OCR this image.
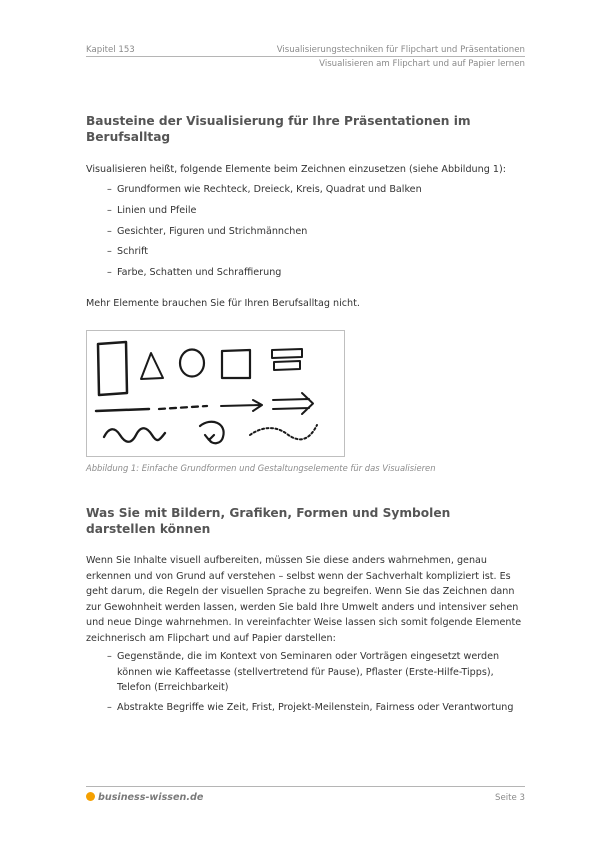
Kapitel 153	Visualisierungstechniken für Flipchart und Präsentationen
Visualisieren am Flipchart und auf Papier lernen
Bausteine der Visualisierung für Ihre Präsentationen im Berufsalltag
Visualisieren heißt, folgende Elemente beim Zeichnen einzusetzen (siehe Abbildung 1):
– Grundformen wie Rechteck, Dreieck, Kreis, Quadrat und Balken
– Linien und Pfeile
– Gesichter, Figuren und Strichmännchen
– Schrift
– Farbe, Schatten und Schraffierung
Mehr Elemente brauchen Sie für Ihren Berufsalltag nicht.
Abbildung 1: Einfache Grundformen und Gestaltungselemente für das Visualisieren
Was Sie mit Bildern, Grafiken, Formen und Symbolen darstellen können
Wenn Sie Inhalte visuell aufbereiten, müssen Sie diese anders wahrnehmen, genau erkennen und von Grund auf verstehen – selbst wenn der Sachverhalt kompliziert ist. Es geht darum, die Regeln der visuellen Sprache zu begreifen. Wenn Sie das Zeichnen dann zur Gewohnheit werden lassen, werden Sie bald Ihre Umwelt anders und intensiver sehen und neue Dinge wahrnehmen. In vereinfachter Weise lassen sich somit folgende Elemente zeichnerisch am Flipchart und auf Papier darstellen:
– Gegenstände, die im Kontext von Seminaren oder Vorträgen eingesetzt werden können wie Kaffeetasse (stellvertretend für Pause), Pflaster (Erste-Hilfe-Tipps), Telefon (Erreichbarkeit)
– Abstrakte Begriffe wie Zeit, Frist, Projekt-Meilenstein, Fairness oder Verantwortung
business-wissen.de	Seite 3
